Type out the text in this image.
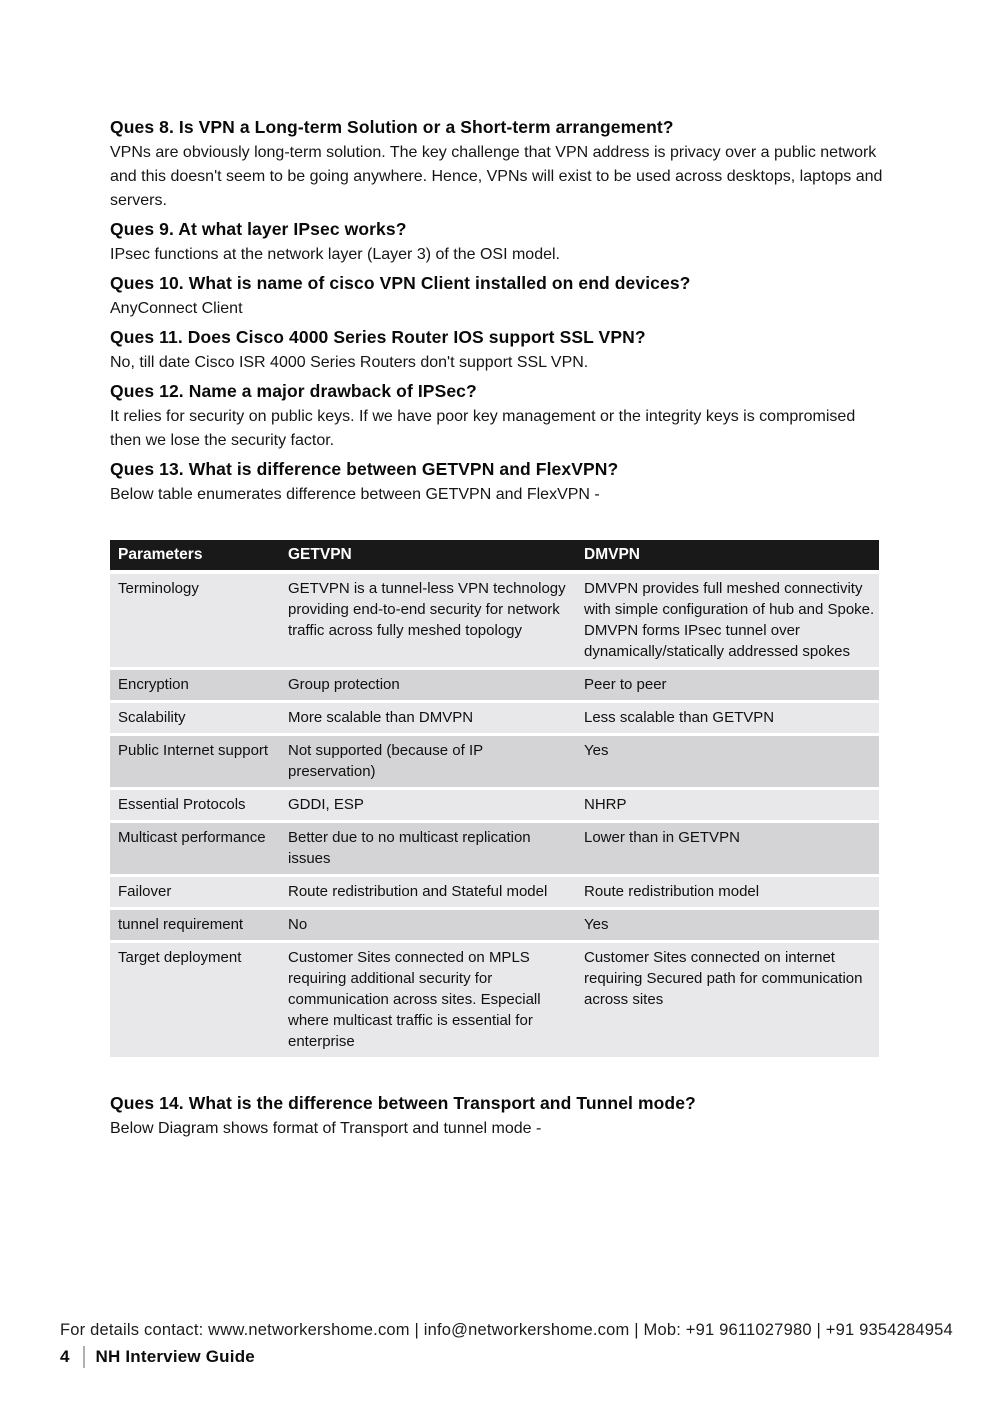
Ques 8. Is VPN a Long-term Solution or a Short-term arrangement?

VPNs are obviously long-term solution. The key challenge that VPN address is privacy over a public network and this doesn't seem to be going anywhere. Hence, VPNs will exist to be used across desktops, laptops and servers.

Ques 9. At what layer IPsec works?

IPsec functions at the network layer (Layer 3) of the OSI model.

Ques 10. What is name of cisco VPN Client installed on end devices?

AnyConnect Client

Ques 11. Does Cisco 4000 Series Router IOS support SSL VPN?

No, till date Cisco ISR 4000 Series Routers don't support SSL VPN.

Ques 12. Name a major drawback of IPSec?

It relies for security on public keys. If we have poor key management or the integrity keys is compromised then we lose the security factor.

Ques 13. What is difference between GETVPN and FlexVPN?

Below table enumerates difference between GETVPN and FlexVPN -

Parameters	GETVPN	DMVPN
Terminology	GETVPN is a tunnel-less VPN technology providing end-to-end security for network traffic across fully meshed topology	DMVPN provides full meshed connectivity with simple configuration of hub and Spoke. DMVPN forms IPsec tunnel over dynamically/statically addressed spokes
Encryption	Group protection	Peer to peer
Scalability	More scalable than DMVPN	Less scalable than GETVPN
Public Internet support	Not supported (because of IP preservation)	Yes
Essential Protocols	GDDI, ESP	NHRP
Multicast performance	Better due to no multicast replication issues	Lower than in GETVPN
Failover	Route redistribution and Stateful model	Route redistribution model
tunnel requirement	No	Yes
Target deployment	Customer Sites connected on MPLS requiring additional security for communication across sites. Especiall where multicast traffic is essential for enterprise	Customer Sites connected on internet requiring Secured path for communication across sites
Ques 14. What is the difference between Transport and Tunnel mode?

Below Diagram shows format of Transport and tunnel mode -

For details contact: www.networkershome.com | info@networkershome.com | Mob: +91 9611027980 | +91 9354284954
4 NH Interview Guide
